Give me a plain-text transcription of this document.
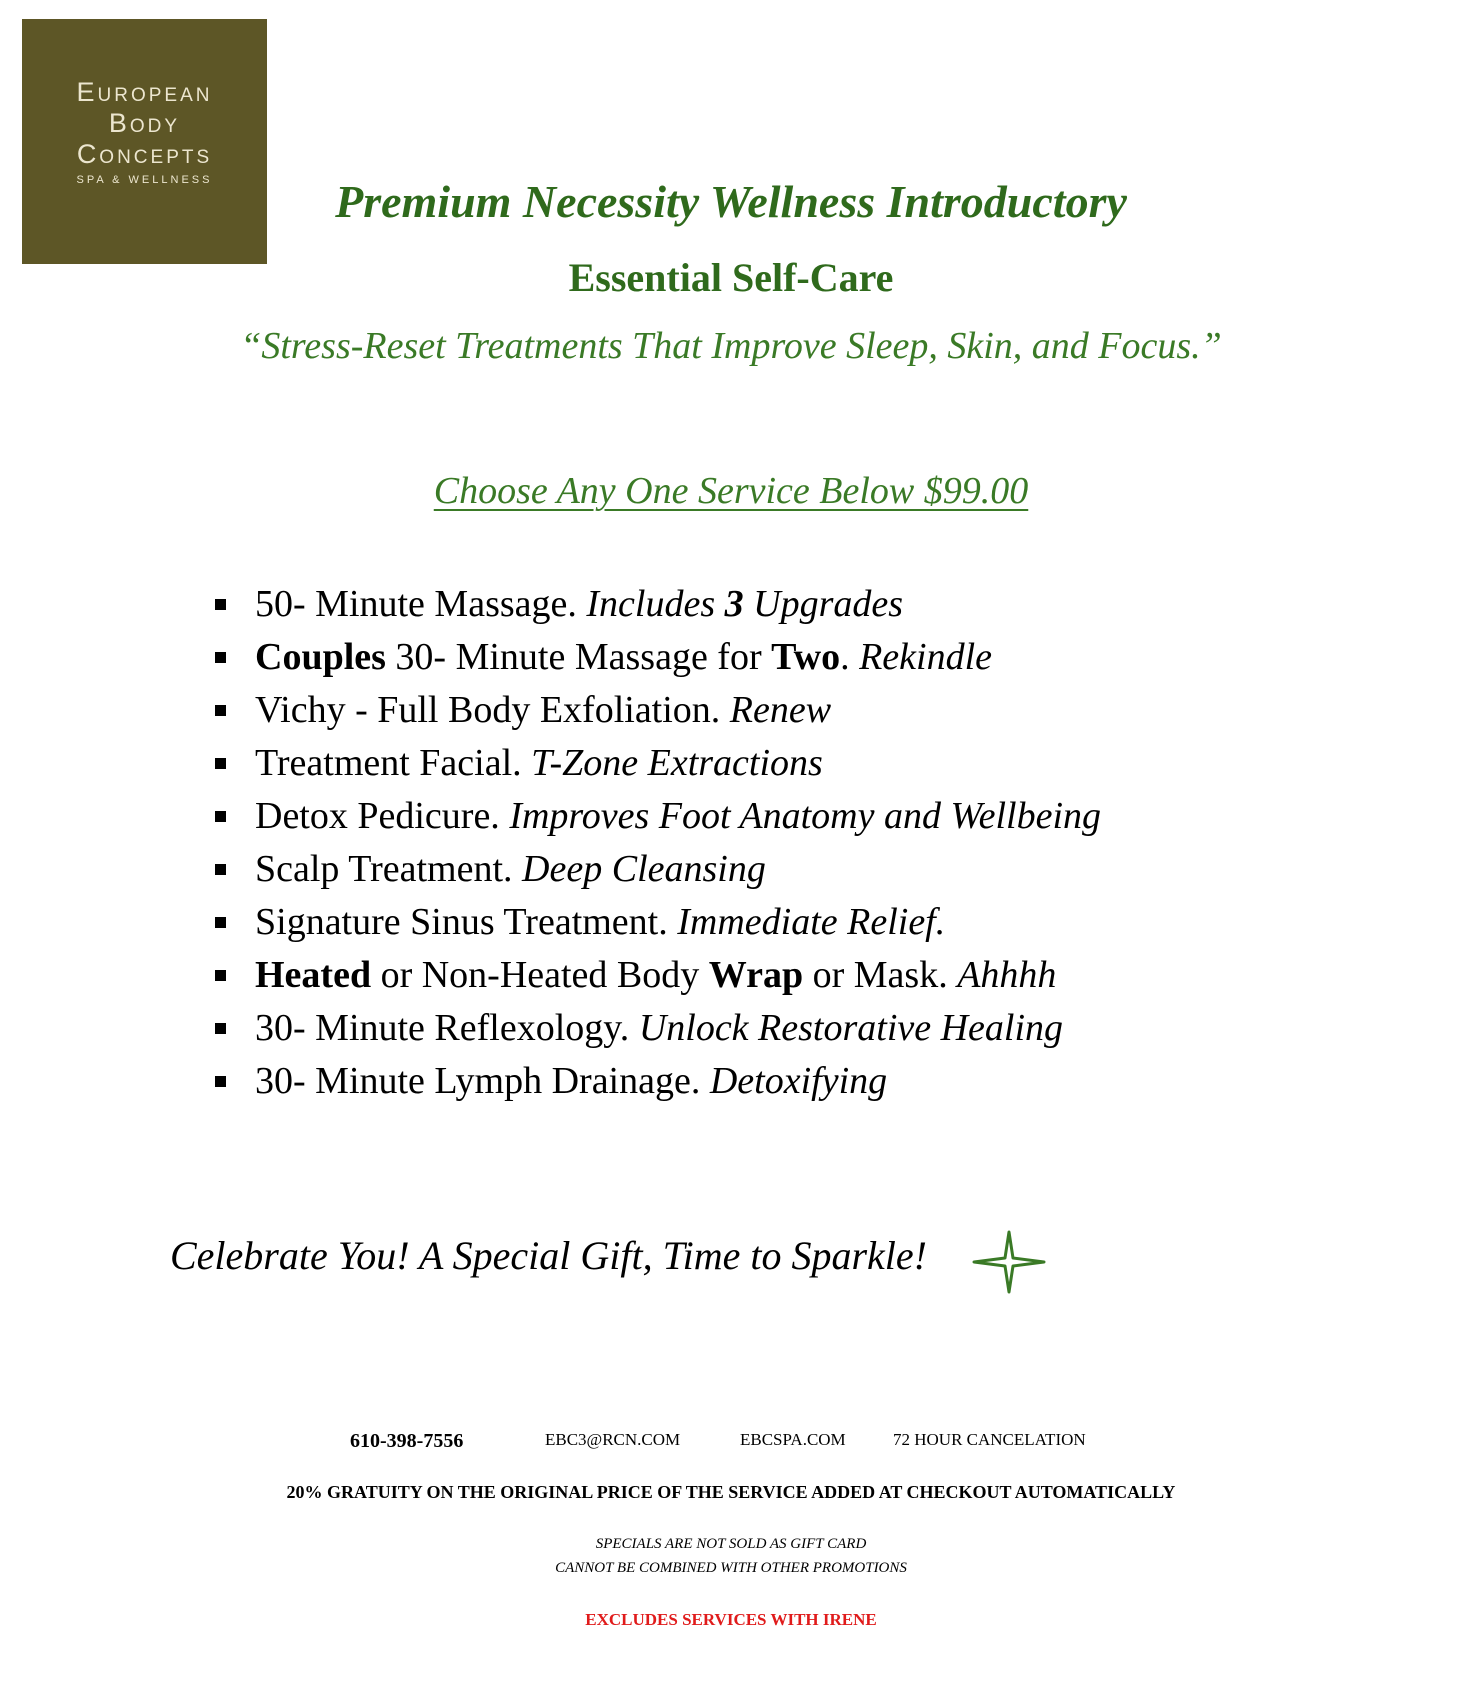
European
Body
Concepts
SPA & WELLNESS	Premium Necessity Wellness Introductory
Essential Self-Care
“Stress-Reset Treatments That Improve Sleep, Skin, and Focus.”
Choose Any One Service Below $99.00
50- Minute Massage. Includes 3 Upgrades
Couples 30- Minute Massage for Two. Rekindle
Vichy - Full Body Exfoliation. Renew
Treatment Facial. T-Zone Extractions
Detox Pedicure. Improves Foot Anatomy and Wellbeing
Scalp Treatment. Deep Cleansing
Signature Sinus Treatment. Immediate Relief.
Heated or Non-Heated Body Wrap or Mask. Ahhhh
30- Minute Reflexology. Unlock Restorative Healing
30- Minute Lymph Drainage. Detoxifying
Celebrate You! A Special Gift, Time to Sparkle!
610-398-7556	EBC3@RCN.COM	EBCSPA.COM	72 HOUR CANCELATION
20% GRATUITY ON THE ORIGINAL PRICE OF THE SERVICE ADDED AT CHECKOUT AUTOMATICALLY
SPECIALS ARE NOT SOLD AS GIFT CARD
CANNOT BE COMBINED WITH OTHER PROMOTIONS
EXCLUDES SERVICES WITH IRENE
